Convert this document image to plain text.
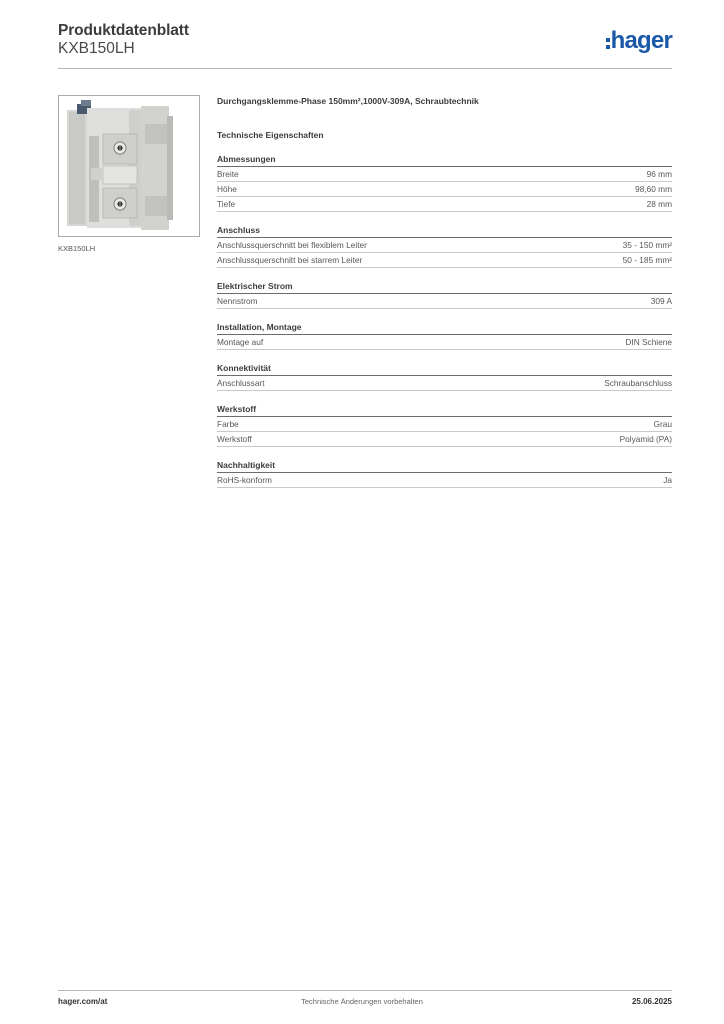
Produktdatenblatt
KXB150LH	hager
KXB150LH
Durchgangsklemme-Phase 150mm²,1000V-309A, Schraubtechnik
Technische Eigenschaften
Abmessungen
Breite	96 mm
Höhe	98,60 mm
Tiefe	28 mm
Anschluss
Anschlussquerschnitt bei flexiblem Leiter	35 - 150 mm²
Anschlussquerschnitt bei starrem Leiter	50 - 185 mm²
Elektrischer Strom
Nennstrom	309 A
Installation, Montage
Montage auf	DIN Schiene
Konnektivität
Anschlussart	Schraubanschluss
Werkstoff
Farbe	Grau
Werkstoff	Polyamid (PA)
Nachhaltigkeit
RoHS-konform	Ja
Technische Änderungen vorbehalten
hager.com/at	25.06.2025
